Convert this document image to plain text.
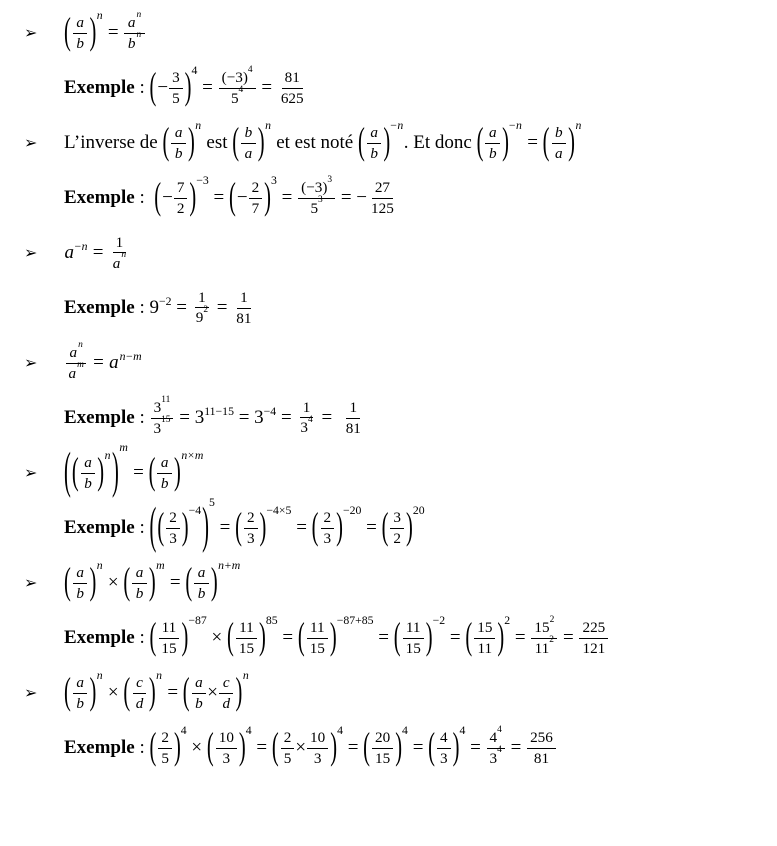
➢	( $\frac{a}{b}$ ) $^n$
= $\frac{a^n}{b^n}$
Exemple : ( − $\frac{3}{5}$ ) $^4$
= $\frac{(-3)^4}{5^4} = \frac{81}{625}$
➢	L’inverse de ( $\frac{a}{b}$ ) $^n$
est ( $\frac{b}{a}$ ) $^n$
et est noté ( $\frac{a}{b}$ ) $^{- n}$
. Et donc ( $\frac{a}{b}$ ) $^{- n}$
= ( $\frac{b}{a}$ ) $^n$
Exemple : ( − $\frac{7}{2}$ ) $^{-3}$
= ( − $\frac{2}{7}$ ) $^3$
= $\frac{(-3)^3}{5^3}$ = − $\frac{27}{125}$
➢	a $^{- n} = \frac{1}{a^n}$
Exemple : 9 $^{-2} = \frac{1}{9^2} = \frac{1}{81}$
➢	$\frac{a^n}{a^m} = a$ $^{n - m}$
Exemple : $\frac{3^{11}}{3^{15}} = 3$ $^{11-15}$ = 3 $^{-4} = \frac{1}{3^4} = \frac{1}{81}$
➢	( ( $\frac{a}{b}$ ) $^n$ ) $^m$
= ( $\frac{a}{b}$ ) $^{n \times m}$
Exemple : ( ( $\frac{2}{3}$ ) $^{-4}$ ) $^5$
= ( $\frac{2}{3}$ ) $^{-4\times 5}$
= ( $\frac{2}{3}$ ) $^{-20}$
= ( $\frac{3}{2}$ ) $^{20}$
➢	( $\frac{a}{b}$ ) $^n$
× ( $\frac{a}{b}$ ) $^m$
= ( $\frac{a}{b}$ ) $^{n + m}$
Exemple : ( $\frac{11}{15}$ ) $^{-87}$
× ( $\frac{11}{15}$ ) $^{85}$
= ( $\frac{11}{15}$ ) $^{-87+85}$
= ( $\frac{11}{15}$ ) $^{-2}$
= ( $\frac{15}{11}$ ) $^2$
= $\frac{15^2}{11^2} = \frac{225}{121}$
➢	( $\frac{a}{b}$ ) $^n$
× ( $\frac{c}{d}$ ) $^n$
= ( $\frac{a}{b} \times \frac{c}{d}$ ) $^n$
Exemple : ( $\frac{2}{5}$ ) $^4$
× ( $\frac{10}{3}$ ) $^4$
= ( $\frac{2}{5} \times \frac{10}{3}$ ) $^4$
= ( $\frac{20}{15}$ ) $^4$
= ( $\frac{4}{3}$ ) $^4$
= $\frac{4^4}{3^4} = \frac{256}{81}$
